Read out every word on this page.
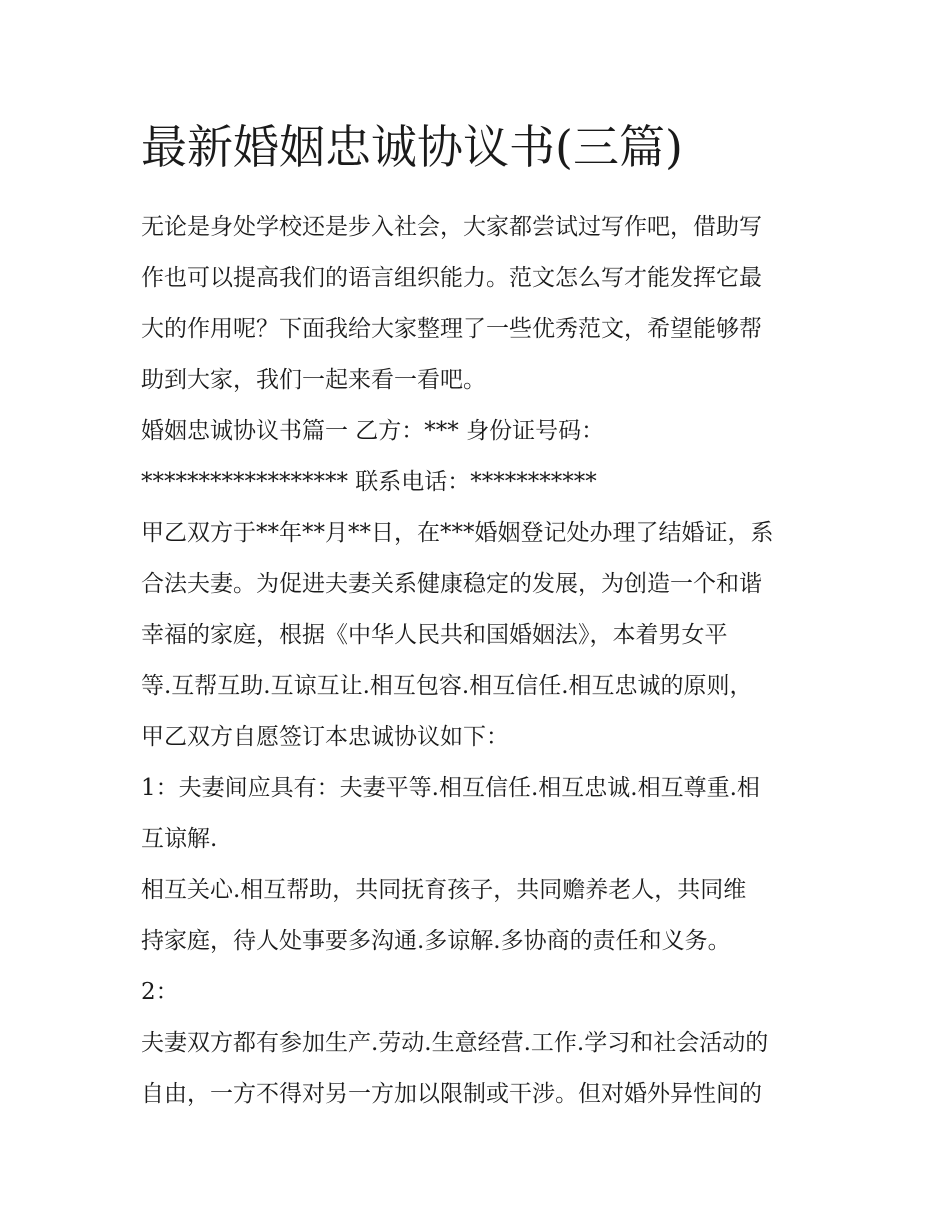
最新婚姻忠诚协议书(三篇)

无论是身处学校还是步入社会，大家都尝试过写作吧，借助写

作也可以提高我们的语言组织能力。范文怎么写才能发挥它最

大的作用呢？下面我给大家整理了一些优秀范文，希望能够帮

助到大家，我们一起来看一看吧。

婚姻忠诚协议书篇一 乙方：*** 身份证号码：

****************** 联系电话：***********

甲乙双方于**年**月**日，在***婚姻登记处办理了结婚证，系

合法夫妻。为促进夫妻关系健康稳定的发展，为创造一个和谐

幸福的家庭，根据《中华人民共和国婚姻法》，本着男女平

等.互帮互助.互谅互让.相互包容.相互信任.相互忠诚的原则，

甲乙双方自愿签订本忠诚协议如下：

1：夫妻间应具有：夫妻平等.相互信任.相互忠诚.相互尊重.相

互谅解.

相互关心.相互帮助，共同抚育孩子，共同赡养老人，共同维

持家庭，待人处事要多沟通.多谅解.多协商的责任和义务。

2：

夫妻双方都有参加生产.劳动.生意经营.工作.学习和社会活动的

自由，一方不得对另一方加以限制或干涉。但对婚外异性间的
